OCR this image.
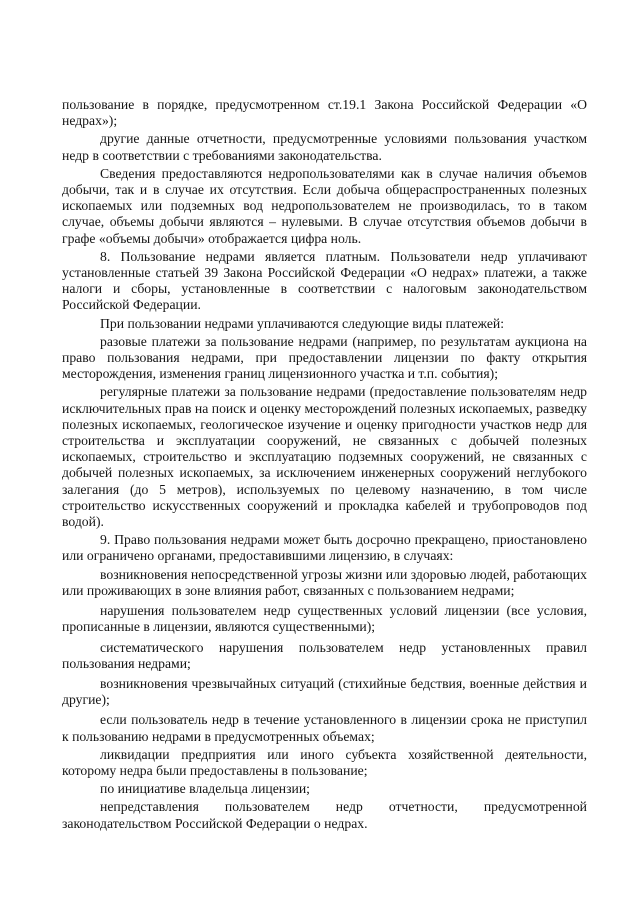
пользование в порядке, предусмотренном ст.19.1 Закона Российской Федерации «О недрах»);

другие данные отчетности, предусмотренные условиями пользования участком недр в соответствии с требованиями законодательства.

Сведения предоставляются недропользователями как в случае наличия объемов добычи, так и в случае их отсутствия. Если добыча общераспространенных полезных ископаемых или подземных вод недропользователем не производилась, то в таком случае, объемы добычи являются – нулевыми. В случае отсутствия объемов добычи в графе «объемы добычи» отображается цифра ноль.

8. Пользование недрами является платным. Пользователи недр уплачивают установленные статьей 39 Закона Российской Федерации «О недрах» платежи, а также налоги и сборы, установленные в соответствии с налоговым законодательством Российской Федерации.

При пользовании недрами уплачиваются следующие виды платежей:

разовые платежи за пользование недрами (например, по результатам аукциона на право пользования недрами, при предоставлении лицензии по факту открытия месторождения, изменения границ лицензионного участка и т.п. события);

регулярные платежи за пользование недрами (предоставление пользователям недр исключительных прав на поиск и оценку месторождений полезных ископаемых, разведку полезных ископаемых, геологическое изучение и оценку пригодности участков недр для строительства и эксплуатации сооружений, не связанных с добычей полезных ископаемых, строительство и эксплуатацию подземных сооружений, не связанных с добычей полезных ископаемых, за исключением инженерных сооружений неглубокого залегания (до 5 метров), используемых по целевому назначению, в том числе строительство искусственных сооружений и прокладка кабелей и трубопроводов под водой).

9. Право пользования недрами может быть досрочно прекращено, приостановлено или ограничено органами, предоставившими лицензию, в случаях:

возникновения непосредственной угрозы жизни или здоровью людей, работающих или проживающих в зоне влияния работ, связанных с пользованием недрами;

нарушения пользователем недр существенных условий лицензии (все условия, прописанные в лицензии, являются существенными);

систематического нарушения пользователем недр установленных правил пользования недрами;

возникновения чрезвычайных ситуаций (стихийные бедствия, военные действия и другие);

если пользователь недр в течение установленного в лицензии срока не приступил к пользованию недрами в предусмотренных объемах;

ликвидации предприятия или иного субъекта хозяйственной деятельности, которому недра были предоставлены в пользование;

по инициативе владельца лицензии;

непредставления пользователем недр отчетности, предусмотренной законодательством Российской Федерации о недрах.
